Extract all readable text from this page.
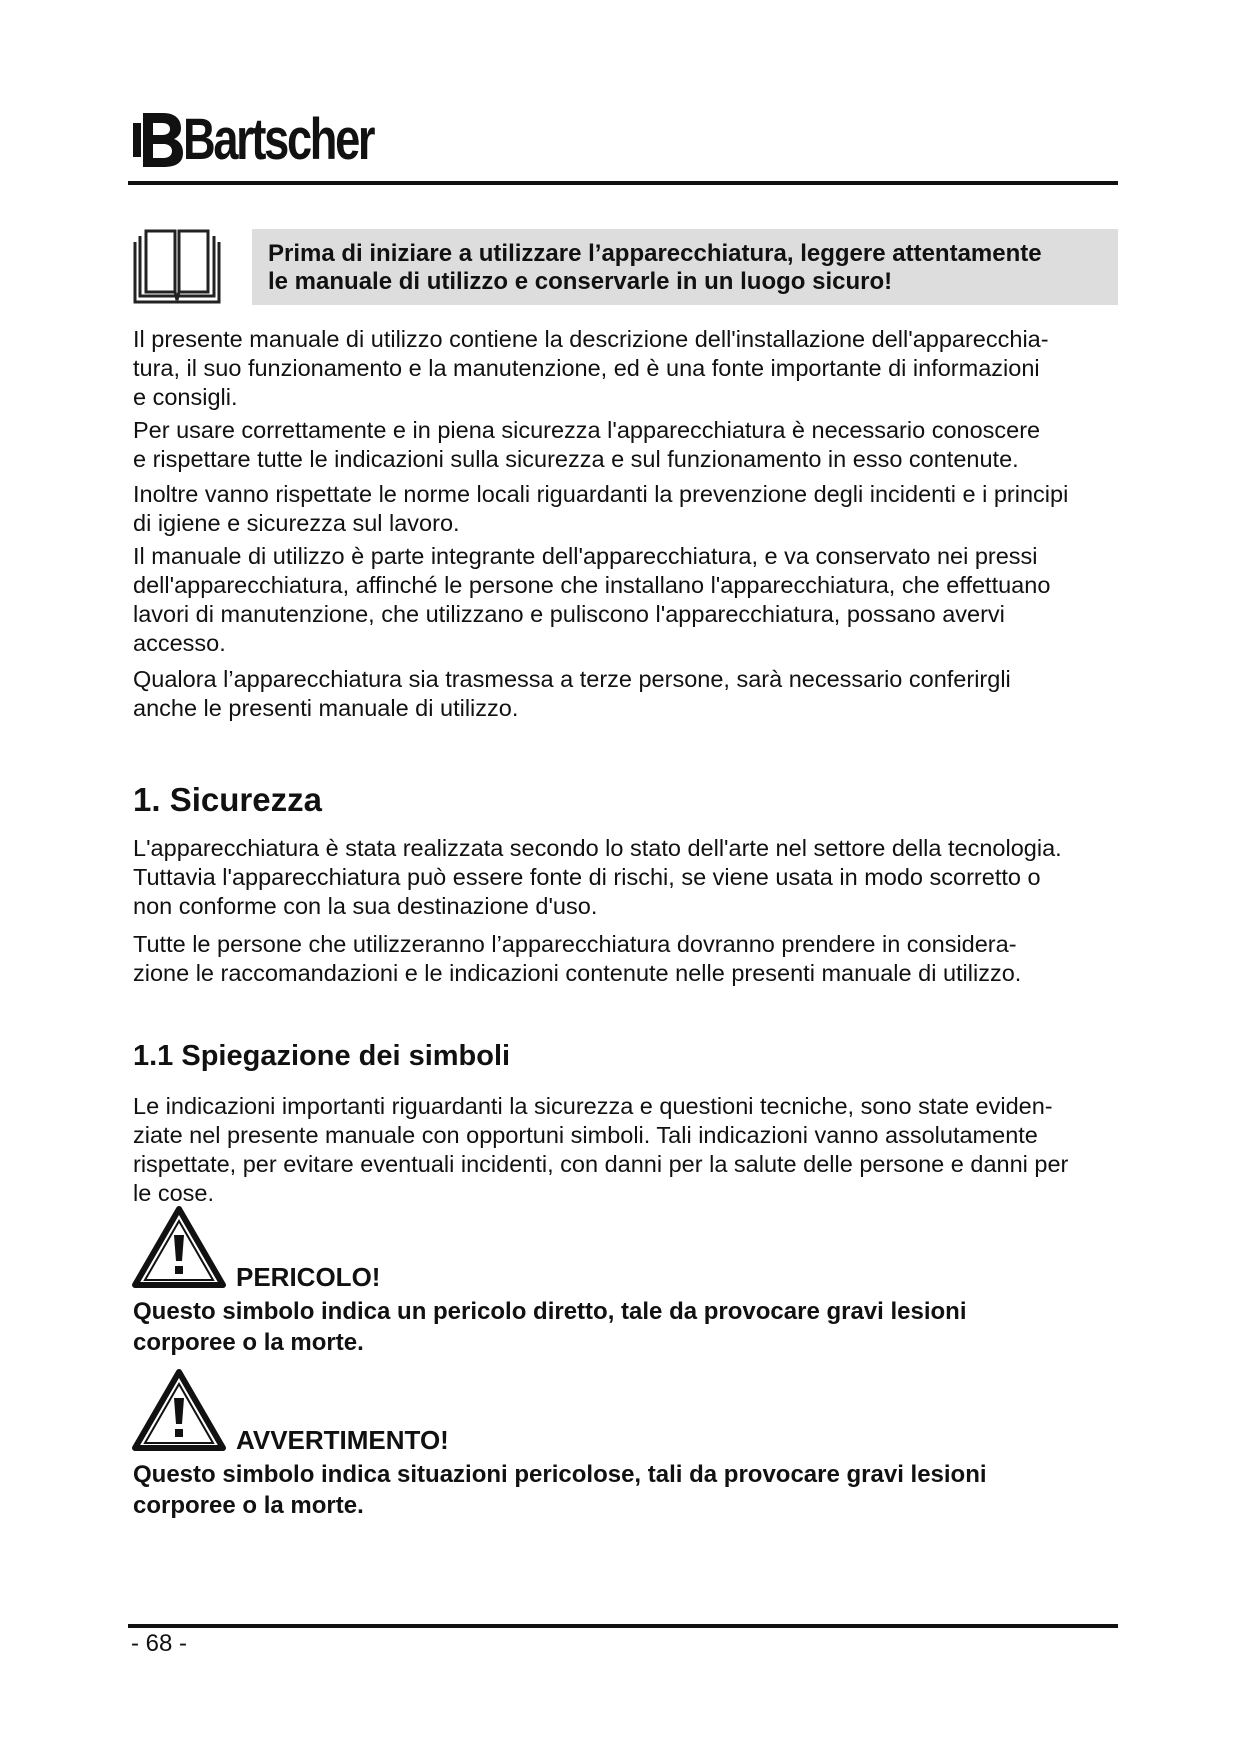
Bartscher

Prima di iniziare a utilizzare l’apparecchiatura, leggere attentamente

le manuale di utilizzo e conservarle in un luogo sicuro!

Il presente manuale di utilizzo contiene la descrizione dell'installazione dell'apparecchia-

tura, il suo funzionamento e la manutenzione, ed è una fonte importante di informazioni

e consigli.

Per usare correttamente e in piena sicurezza l'apparecchiatura è necessario conoscere

e rispettare tutte le indicazioni sulla sicurezza e sul funzionamento in esso contenute.

Inoltre vanno rispettate le norme locali riguardanti la prevenzione degli incidenti e i principi

di igiene e sicurezza sul lavoro.

Il manuale di utilizzo è parte integrante dell'apparecchiatura, e va conservato nei pressi

dell'apparecchiatura, affinché le persone che installano l'apparecchiatura, che effettuano

lavori di manutenzione, che utilizzano e puliscono l'apparecchiatura, possano avervi

accesso.

Qualora l’apparecchiatura sia trasmessa a terze persone, sarà necessario conferirgli

anche le presenti manuale di utilizzo.

1. Sicurezza

L'apparecchiatura è stata realizzata secondo lo stato dell'arte nel settore della tecnologia.

Tuttavia l'apparecchiatura può essere fonte di rischi, se viene usata in modo scorretto o

non conforme con la sua destinazione d'uso.

Tutte le persone che utilizzeranno l’apparecchiatura dovranno prendere in considera-

zione le raccomandazioni e le indicazioni contenute nelle presenti manuale di utilizzo.

1.1 Spiegazione dei simboli

Le indicazioni importanti riguardanti la sicurezza e questioni tecniche, sono state eviden-

ziate nel presente manuale con opportuni simboli. Tali indicazioni vanno assolutamente

rispettate, per evitare eventuali incidenti, con danni per la salute delle persone e danni per

le cose.

PERICOLO!

Questo simbolo indica un pericolo diretto, tale da provocare gravi lesioni

corporee o la morte.

AVVERTIMENTO!

Questo simbolo indica situazioni pericolose, tali da provocare gravi lesioni

corporee o la morte.

- 68 -
